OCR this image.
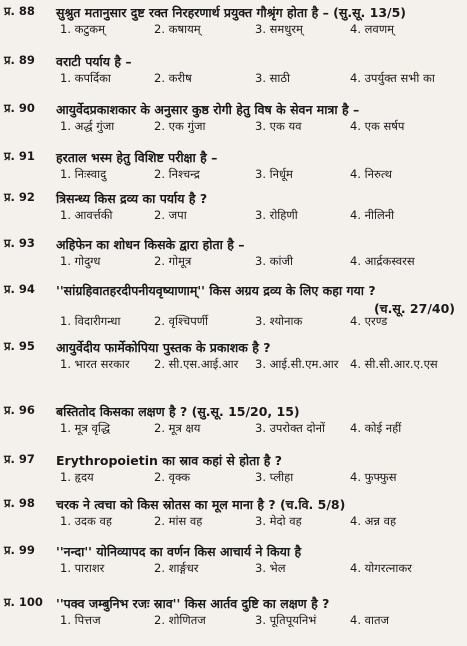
प्र. 88 सुश्रुत मतानुसार दुष्ट रक्त निरहरणार्थ प्रयुक्त गौश्रृंग होता है – (सु.सू. 13/5)
1. कटुकम्	2. कषायम्	3. समधुरम्	4. लवणम्
प्र. 89 वराटी पर्याय है –
1. कपर्दिका	2. करीष	3. साठी	4. उपर्युक्त सभी का
प्र. 90 आयुर्वेदप्रकाशकार के अनुसार कुष्ठ रोगी हेतु विष के सेवन मात्रा है –
1. अर्द्ध गुंजा	2. एक गुंजा	3. एक यव	4. एक सर्षप
प्र. 91 हरताल भस्म हेतु विशिष्ट परीक्षा है –
1. निःस्वादु	2. निश्चन्द्र	3. निर्धूम	4. निरुत्थ
प्र. 92 त्रिसन्ध्य किस द्रव्य का पर्याय है ?
1. आवर्त्तकी	2. जपा	3. रोहिणी	4. नीलिनी
प्र. 93 अहिफेन का शोधन किसके द्वारा होता है –
1. गोदुग्ध	2. गोमूत्र	3. कांजी	4. आर्द्रकस्वरस
प्र. 94 ''सांग्रहिवातहरदीपनीयवृष्याणाम्'' किस अग्रय द्रव्य के लिए कहा गया ?
(च.सू. 27/40)
1. विदारीगन्धा	2. वृश्चिपर्णी	3. श्योनाक	4. एरण्ड
प्र. 95 आयुर्वेदीय फार्मेकोपिया पुस्तक के प्रकाशक है ?
1. भारत सरकार 2. सी.एस.आई.आर 3. आई.सी.एम.आर 4. सी.सी.आर.ए.एस
प्र. 96 बस्तितोद किसका लक्षण है ? (सु.सू. 15/20, 15)
1. मूत्र वृद्धि	2. मूत्र क्षय	3. उपरोक्त दोनों 4. कोई नहीं
प्र. 97 Erythropoietin का स्राव कहां से होता है ?
1. हृदय	2. वृक्क	3. प्लीहा	4. फुफ्फुस
प्र. 98 चरक ने त्वचा को किस स्रोतस का मूल माना है ? (च.वि. 5/8)
1. उदक वह	2. मांस वह	3. मेदो वह	4. अन्न वह
प्र. 99 ''नन्दा'' योनिव्यापद का वर्णन किस आचार्य ने किया है
1. पाराशर	2. शार्ङ्गधर	3. भेल	4. योगरत्नाकर
प्र. 100 ''पक्व जम्बुनिभ रजः स्राव'' किस आर्तव दुष्टि का लक्षण है ?
1. पित्तज	2. शोणितज	3. पूतिपूयनिभं	4. वातज
